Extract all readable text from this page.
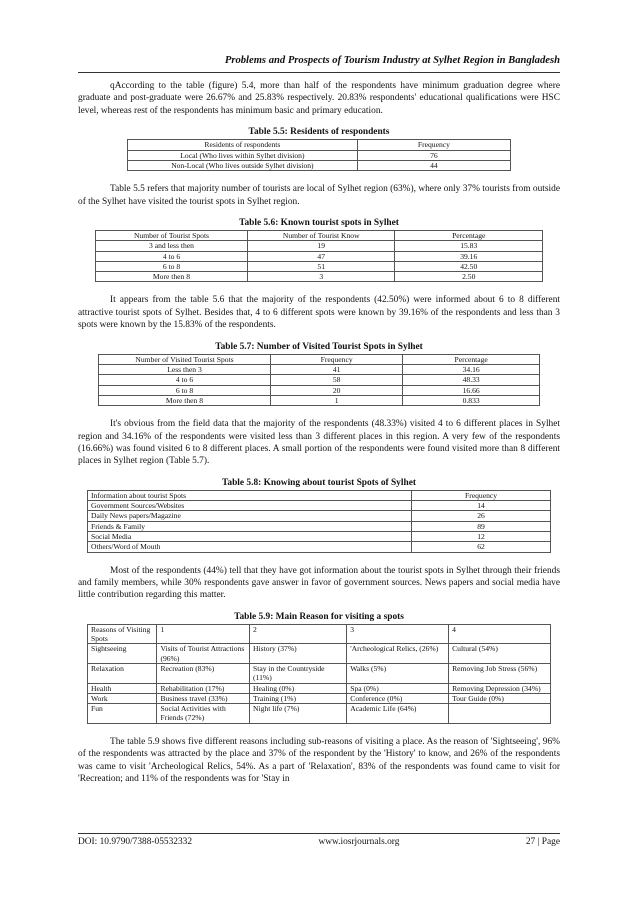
Problems and Prospects of Tourism Industry at Sylhet Region in Bangladesh

qAccording to the table (figure) 5.4, more than half of the respondents have minimum graduation degree where graduate and post-graduate were 26.67% and 25.83% respectively. 20.83% respondents' educational qualifications were HSC level, whereas rest of the respondents has minimum basic and primary education.

Table 5.5: Residents of respondents
Residents of respondents	Frequency
Local (Who lives within Sylhet division)	76
Non-Local (Who lives outside Sylhet division)	44

Table 5.5 refers that majority number of tourists are local of Sylhet region (63%), where only 37% tourists from outside of the Sylhet have visited the tourist spots in Sylhet region.

Table 5.6: Known tourist spots in Sylhet
Number of Tourist Spots	Number of Tourist Know	Percentage
3 and less then	19	15.83
4 to 6	47	39.16
6 to 8	51	42.50
More then 8	3	2.50

It appears from the table 5.6 that the majority of the respondents (42.50%) were informed about 6 to 8 different attractive tourist spots of Sylhet. Besides that, 4 to 6 different spots were known by 39.16% of the respondents and less than 3 spots were known by the 15.83% of the respondents.

Table 5.7: Number of Visited Tourist Spots in Sylhet
Number of Visited Tourist Spots	Frequency	Percentage
Less then 3	41	34.16
4 to 6	58	48.33
6 to 8	20	16.66
More then 8	1	0.833

It's obvious from the field data that the majority of the respondents (48.33%) visited 4 to 6 different places in Sylhet region and 34.16% of the respondents were visited less than 3 different places in this region. A very few of the respondents (16.66%) was found visited 6 to 8 different places. A small portion of the respondents were found visited more than 8 different places in Sylhet region (Table 5.7).

Table 5.8: Knowing about tourist Spots of Sylhet
Information about tourist Spots	Frequency
Government Sources/Websites	14
Daily News papers/Magazine	26
Friends & Family	89
Social Media	12
Others/Word of Mouth	62

Most of the respondents (44%) tell that they have got information about the tourist spots in Sylhet through their friends and family members, while 30% respondents gave answer in favor of government sources. News papers and social media have little contribution regarding this matter.

Table 5.9: Main Reason for visiting a spots
Reasons of Visiting Spots	1	2	3	4
Sightseeing	Visits of Tourist Attractions (96%)	History (37%)	'Archeological Relics, (26%)	Cultural (54%)
Relaxation	Recreation (83%)	Stay in the Countryside (11%)	Walks (5%)	Removing Job Stress (56%)
Health	Rehabilitation (17%)	Healing (0%)	Spa (0%)	Removing Depression (34%)
Work	Business travel (33%)	Training (1%)	Conference (0%)	Tour Guide (0%)
Fun	Social Activities with Friends (72%)	Night life (7%)	Academic Life (64%)	

The table 5.9 shows five different reasons including sub-reasons of visiting a place. As the reason of 'Sightseeing', 96% of the respondents was attracted by the place and 37% of the respondent by the 'History' to know, and 26% of the respondents was came to visit 'Archeological Relics, 54%. As a part of 'Relaxation', 83% of the respondents was found came to visit for 'Recreation; and 11% of the respondents was for 'Stay in

DOI: 10.9790/7388-05532332	www.iosrjournals.org	27 | Page
